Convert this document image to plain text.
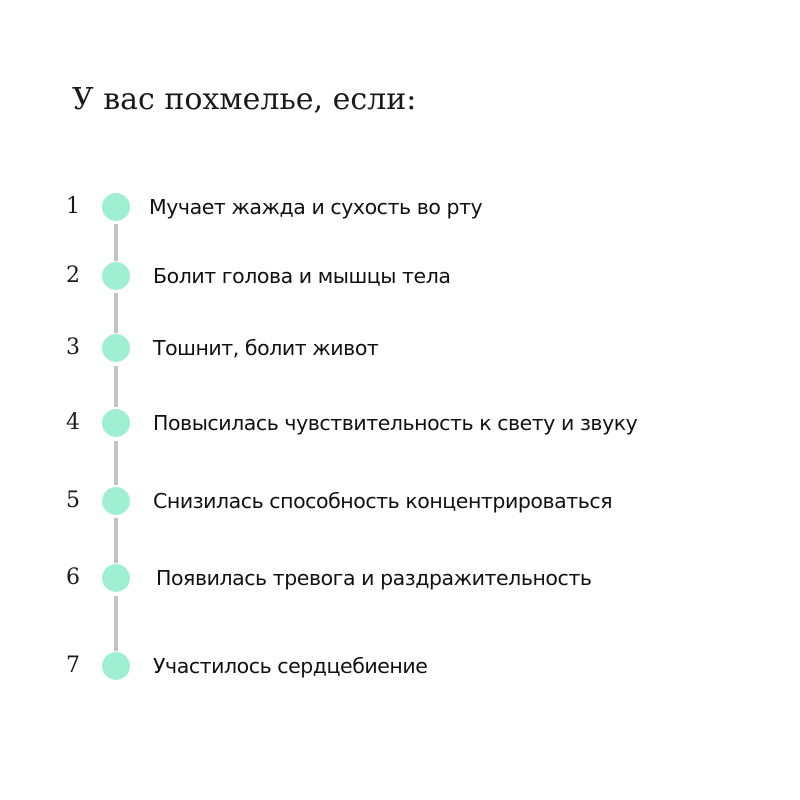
У вас похмелье, если:
1	Мучает жажда и сухость во рту
2	Болит голова и мышцы тела
3	Тошнит, болит живот
4	Повысилась чувствительность к свету и звуку
5	Снизилась способность концентрироваться
6	Появилась тревога и раздражительность
7	Участилось сердцебиение
